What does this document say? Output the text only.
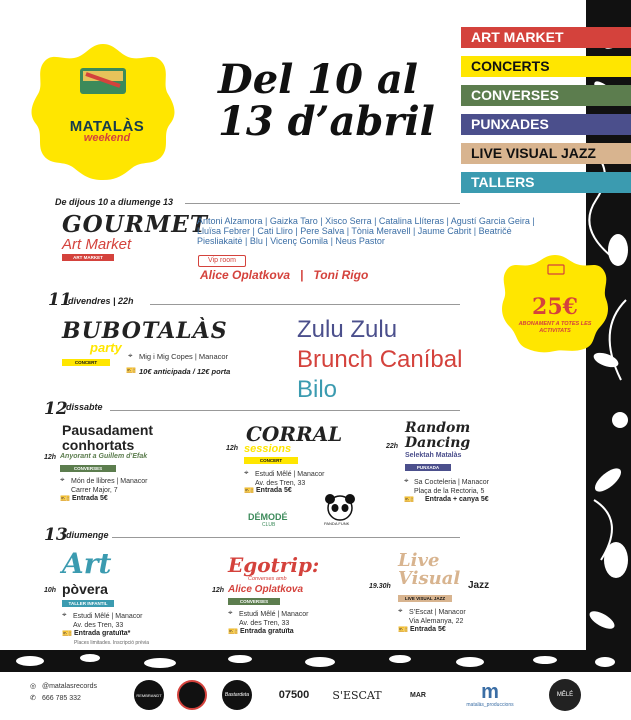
MATALÀS
weekend
Del 10 al
13 d’abril
ART MARKET
CONCERTS
CONVERSES
PUNXADES
LIVE VISUAL JAZZ
TALLERS
25€
ABONAMENT A TOTES LES ACTIVITATS
De dijous 10 a diumenge 13
GOURMET
Art Market
ART MARKET
Antoni Alzamora | Gaizka Taro | Xisco Serra | Catalina Llíteras | Agustí Garcia Geira |
Lluïsa Febrer | Cati Lliro | Pere Salva | Tònia Meravell | Jaume Cabrit | Beatričė
Piesliakaitė | Blu | Vicenç Gomila | Neus Pastor
Vip room
Alice Oplatkova   |   Toni Rigo
11
divendres | 22h
BUBOTALÀS
party
CONCERT
⌖ Mig i Mig Copes | Manacor
🎫 10€ anticipada / 12€ porta
Zulu Zulu
Brunch Caníbal
Bilo
12
dissabte
Pausadament
conhortats
12h Anyorant a Guillem d’Efak
CONVERSES
⌖ Món de llibres | Manacor
Carrer Major, 7
🎫 Entrada 5€
12h
CORRAL
sessions
CONCERT
⌖ Estudi Mêlé | Manacor
Av. des Tren, 33
🎫 Entrada 5€
DÉMODÉ
CLUB	PANDA FUNK
Random
Dancing
22h
Selektah Matalàs
PUNXADA
⌖ Sa Cocteleria | Manacor
Plaça de la Rectoria, 5
🎫 Entrada + canya 5€
13
diumenge
Art
pòvera
10h
TALLER INFANTIL
⌖ Estudi Mêlé | Manacor
Av. des Tren, 33
🎫 Entrada gratuïta*
Places limitades. Inscripció prèvia
Egotrip:
Converses amb
12h Alice Oplatkova
CONVERSES
⌖ Estudi Mêlé | Manacor
Av. des Tren, 33
🎫 Entrada gratuïta
Live
Visual
19.30h	Jazz
LIVE VISUAL JAZZ
⌖ S’Escat | Manacor
Via Alemanya, 22
🎫 Entrada 5€
◎ @matalasrecords
✆ 666 785 332	REMBRANDT	Bastardeta	07500	S'ESCAT	MAR	m
matalàs_produccions
MÊLÉ
